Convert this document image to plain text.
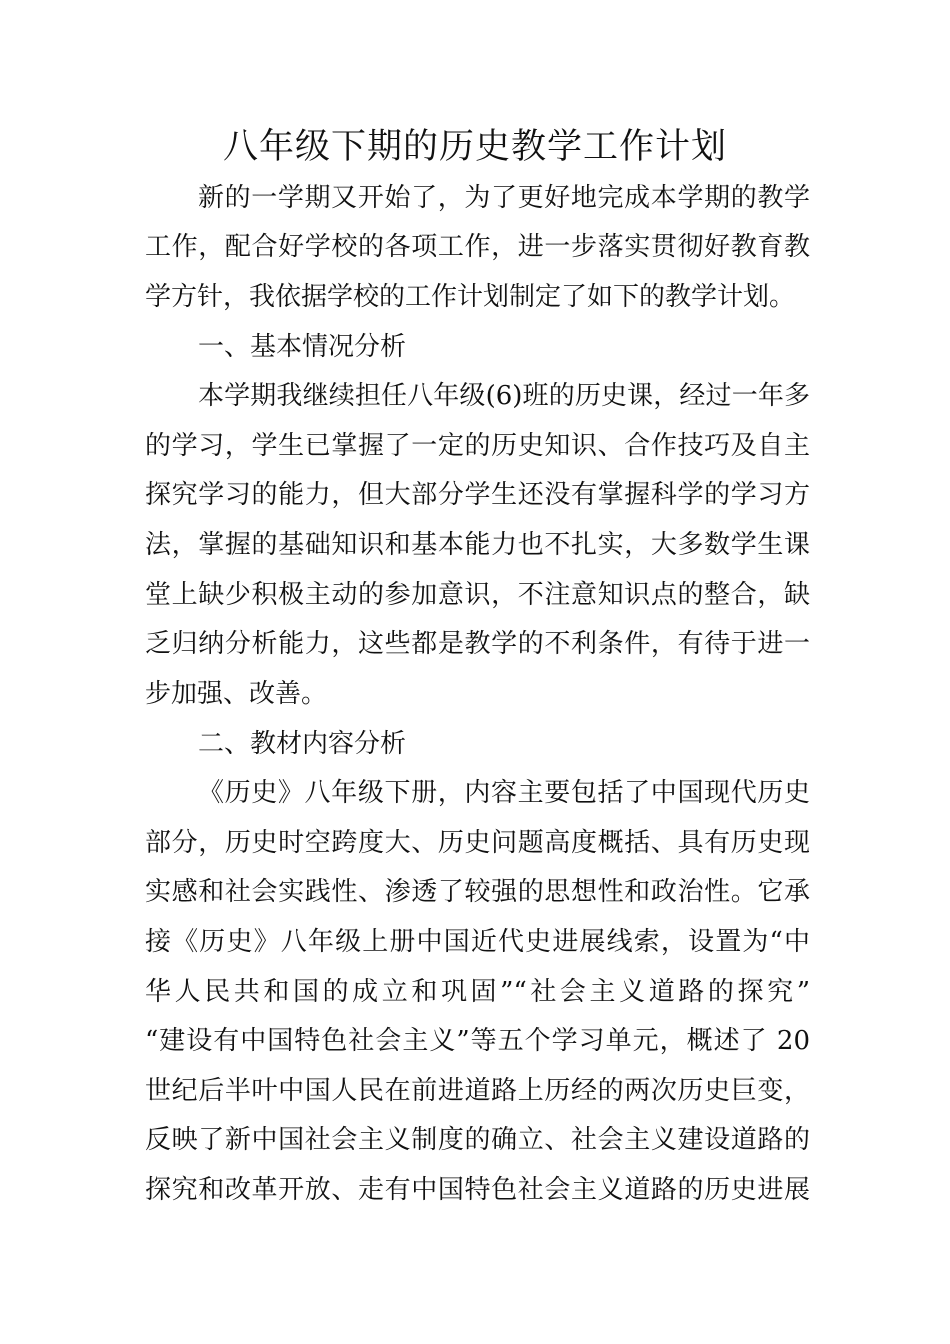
八年级下期的历史教学工作计划
新的一学期又开始了，为了更好地完成本学期的教学
工作，配合好学校的各项工作，进一步落实贯彻好教育教
学方针，我依据学校的工作计划制定了如下的教学计划。
一、基本情况分析
本学期我继续担任八年级(6)班的历史课，经过一年多
的学习，学生已掌握了一定的历史知识、合作技巧及自主
探究学习的能力，但大部分学生还没有掌握科学的学习方
法，掌握的基础知识和基本能力也不扎实，大多数学生课
堂上缺少积极主动的参加意识，不注意知识点的整合，缺
乏归纳分析能力，这些都是教学的不利条件，有待于进一
步加强、改善。
二、教材内容分析
《历史》八年级下册，内容主要包括了中国现代历史
部分，历史时空跨度大、历史问题高度概括、具有历史现
实感和社会实践性、渗透了较强的思想性和政治性。它承
接《历史》八年级上册中国近代史进展线索，设置为“中
华人民共和国的成立和巩固”“社会主义道路的探究”
“建设有中国特色社会主义”等五个学习单元，概述了 20
世纪后半叶中国人民在前进道路上历经的两次历史巨变，
反映了新中国社会主义制度的确立、社会主义建设道路的
探究和改革开放、走有中国特色社会主义道路的历史进展
